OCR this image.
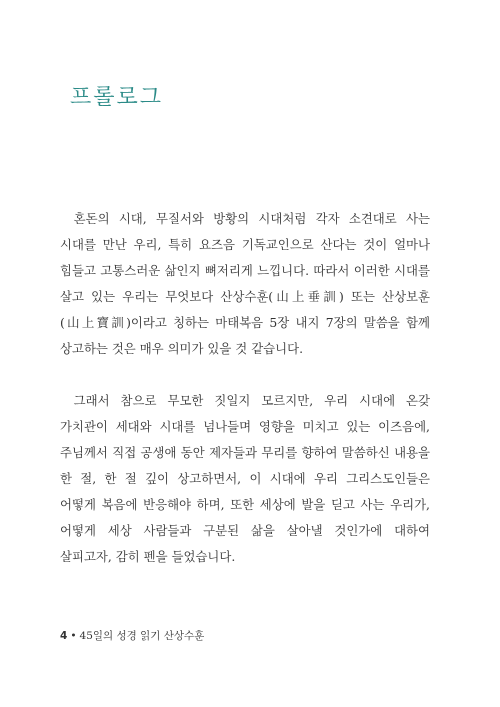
프롤로그

혼돈의 시대, 무질서와 방황의 시대처럼 각자 소견대로 사는 시대를 만난 우리, 특히 요즈음 기독교인으로 산다는 것이 얼마나 힘들고 고통스러운 삶인지 뼈저리게 느낍니다. 따라서 이러한 시대를 살고 있는 우리는 무엇보다 산상수훈(山上垂訓) 또는 산상보훈(山上寶訓)이라고 칭하는 마태복음 5장 내지 7장의 말씀을 함께 상고하는 것은 매우 의미가 있을 것 같습니다.

그래서 참으로 무모한 짓일지 모르지만, 우리 시대에 온갖 가치관이 세대와 시대를 넘나들며 영향을 미치고 있는 이즈음에, 주님께서 직접 공생애 동안 제자들과 무리를 향하여 말씀하신 내용을 한 절, 한 절 깊이 상고하면서, 이 시대에 우리 그리스도인들은 어떻게 복음에 반응해야 하며, 또한 세상에 발을 딛고 사는 우리가, 어떻게 세상 사람들과 구분된 삶을 살아낼 것인가에 대하여 살피고자, 감히 펜을 들었습니다.

4 • 45일의 성경 읽기 산상수훈
